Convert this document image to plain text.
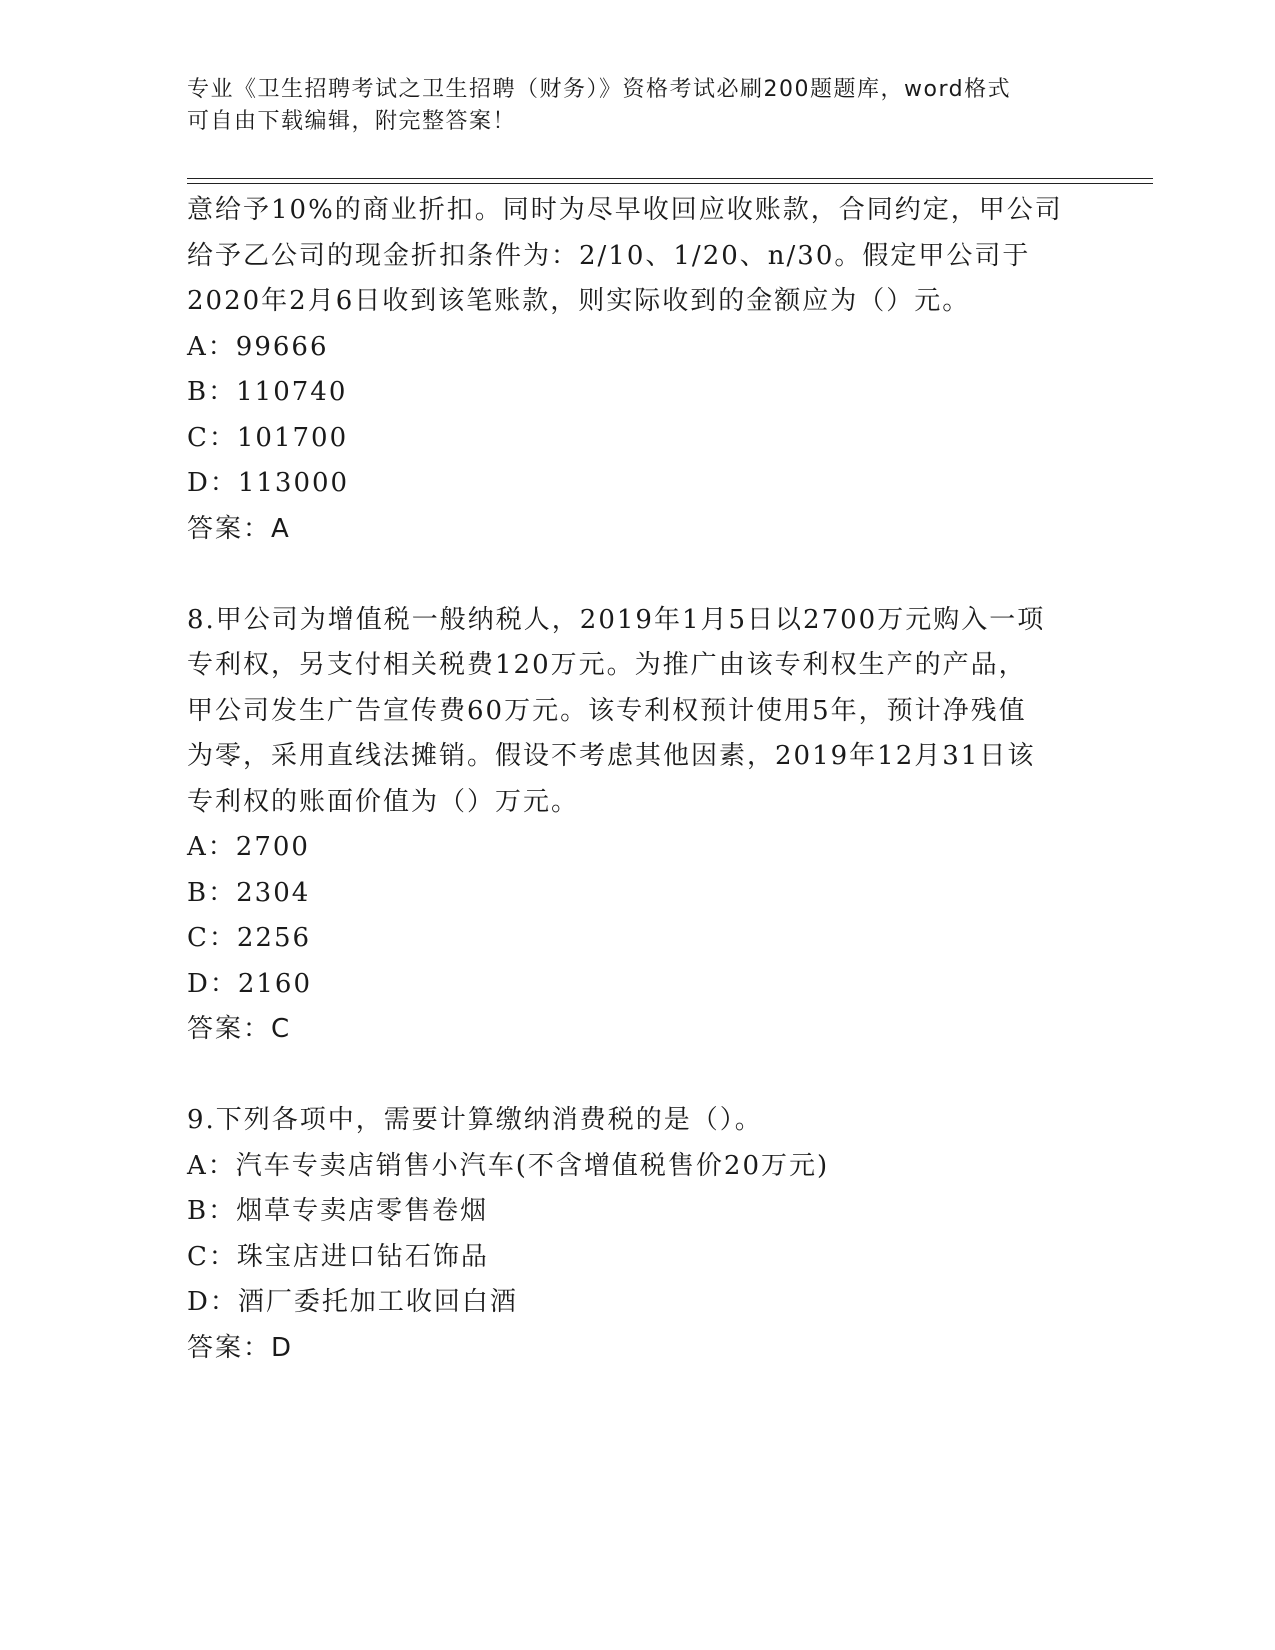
专业《卫生招聘考试之卫生招聘（财务）》资格考试必刷200题题库，word格式
可自由下载编辑，附完整答案！
意给予10%的商业折扣。同时为尽早收回应收账款，合同约定，甲公司
给予乙公司的现金折扣条件为：2/10、1/20、n/30。假定甲公司于
2020年2月6日收到该笔账款，则实际收到的金额应为（）元。
A：99666
B：110740
C：101700
D：113000
答案：A
8.甲公司为增值税一般纳税人，2019年1月5日以2700万元购入一项
专利权，另支付相关税费120万元。为推广由该专利权生产的产品，
甲公司发生广告宣传费60万元。该专利权预计使用5年，预计净残值
为零，采用直线法摊销。假设不考虑其他因素，2019年12月31日该
专利权的账面价值为（）万元。
A：2700
B：2304
C：2256
D：2160
答案：C
9.下列各项中，需要计算缴纳消费税的是（）。
A：汽车专卖店销售小汽车(不含增值税售价20万元)
B：烟草专卖店零售卷烟
C：珠宝店进口钻石饰品
D：酒厂委托加工收回白酒
答案：D
